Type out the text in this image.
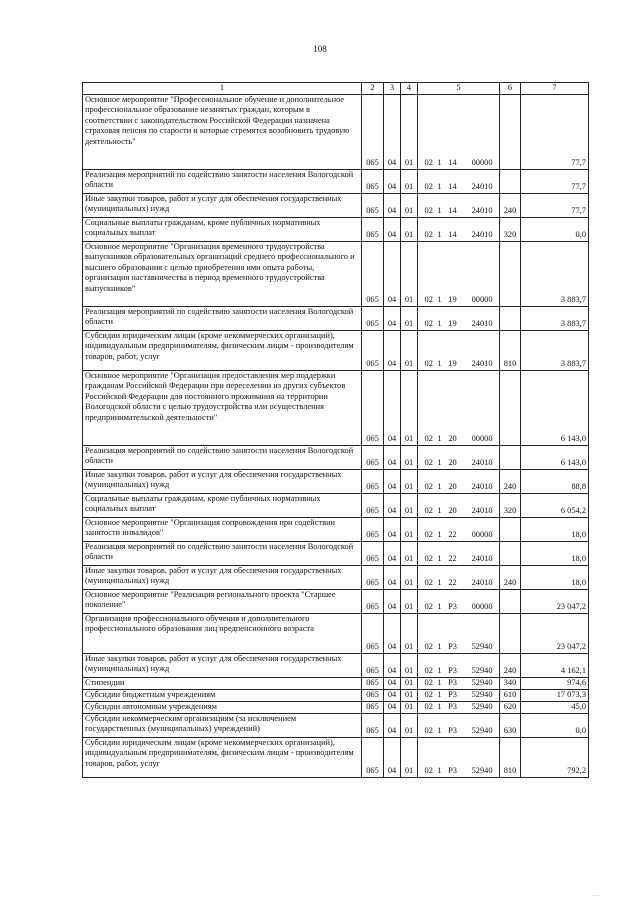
108
1	2	3	4	5	6	7
Основное мероприятие "Профессиональное обучение и дополнительное профессиональное образование незанятых граждан, которым в соответствии с законодательством Российской Федерации назначена страховая пенсия по старости и которые стремятся возобновить трудовую деятельность"	065	04	01	02 1 14 00000		77,7
Реализация мероприятий по содействию занятости населения Вологодской области	065	04	01	02 1 14 24010		77,7
Иные закупки товаров, работ и услуг для обеспечения государственных (муниципальных) нужд	065	04	01	02 1 14 24010	240	77,7
Социальные выплаты гражданам, кроме публичных нормативных социальных выплат	065	04	01	02 1 14 24010	320	0,0
Основное мероприятие "Организация временного трудоустройства выпускников образовательных организаций среднего профессионального и высшего образования с целью приобретения ими опыта работы, организация наставничества в период временного трудоустройства выпускников"	065	04	01	02 1 19 00000		3 883,7
Реализация мероприятий по содействию занятости населения Вологодской области	065	04	01	02 1 19 24010		3 883,7
Субсидии юридическим лицам (кроме некоммерческих организаций), индивидуальным предпринимателям, физическим лицам - производителям товаров, работ, услуг	065	04	01	02 1 19 24010	810	3 883,7
Основное мероприятие "Организация предоставления мер поддержки гражданам Российской Федерации при переселении из других субъектов Российской Федерации для постоянного проживания на территории Вологодской области с целью трудоустройства или осуществления предпринимательской деятельности"	065	04	01	02 1 20 00000		6 143,0
Реализация мероприятий по содействию занятости населения Вологодской области	065	04	01	02 1 20 24010		6 143,0
Иные закупки товаров, работ и услуг для обеспечения государственных (муниципальных) нужд	065	04	01	02 1 20 24010	240	88,8
Социальные выплаты гражданам, кроме публичных нормативных социальных выплат	065	04	01	02 1 20 24010	320	6 054,2
Основное мероприятие "Организация сопровождения при содействии занятости инвалидов"	065	04	01	02 1 22 00000		18,0
Реализация мероприятий по содействию занятости населения Вологодской области	065	04	01	02 1 22 24010		18,0
Иные закупки товаров, работ и услуг для обеспечения государственных (муниципальных) нужд	065	04	01	02 1 22 24010	240	18,0
Основное мероприятие "Реализация регионального проекта "Старшее поколение"	065	04	01	02 1 Р3 00000		23 047,2
Организация профессионального обучения и дополнительного профессионального образования лиц предпенсионного возраста	065	04	01	02 1 Р3 52940		23 047,2
Иные закупки товаров, работ и услуг для обеспечения государственных (муниципальных) нужд	065	04	01	02 1 Р3 52940	240	4 162,1
Стипендии	065	04	01	02 1 Р3 52940	340	974,6
Субсидии бюджетным учреждениям	065	04	01	02 1 Р3 52940	610	17 073,3
Субсидии автономным учреждениям	065	04	01	02 1 Р3 52940	620	45,0
Субсидии некоммерческим организациям (за исключением государственных (муниципальных) учреждений)	065	04	01	02 1 Р3 52940	630	0,0
Субсидии юридическим лицам (кроме некоммерческих организаций), индивидуальным предпринимателям, физическим лицам - производителям товаров, работ, услуг	065	04	01	02 1 Р3 52940	810	792,2
⋯ ·
